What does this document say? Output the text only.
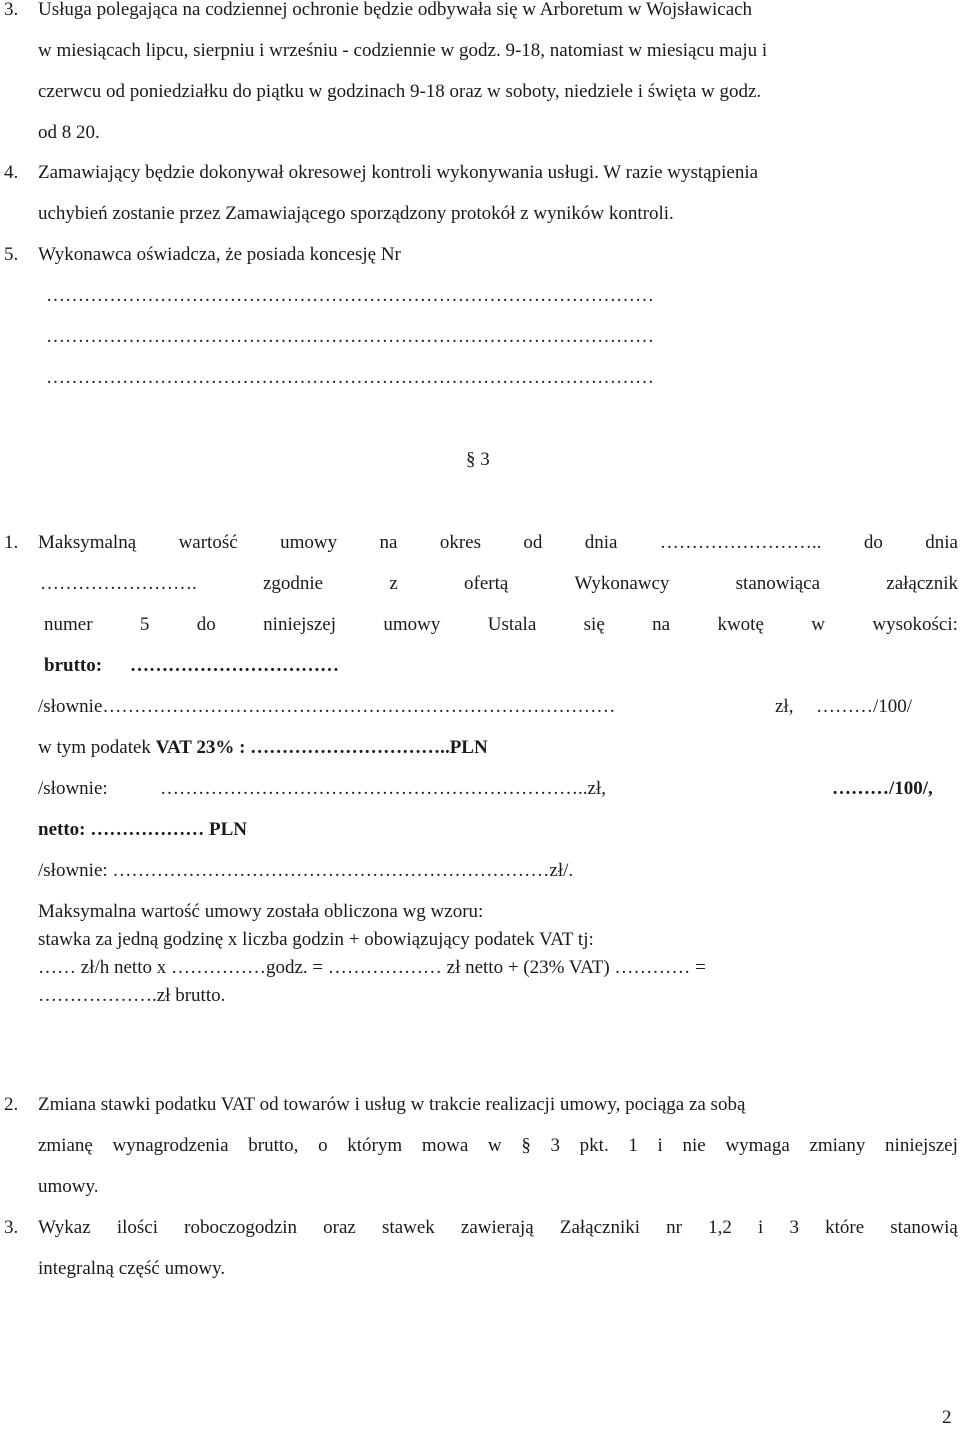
3. Usługa polegająca na codziennej ochronie będzie odbywała się w Arboretum w Wojsławicach
w miesiącach lipcu, sierpniu i wrześniu - codziennie w godz. 9-18, natomiast w miesiącu maju i
czerwcu od poniedziałku do piątku w godzinach 9-18 oraz w soboty, niedziele i święta w godz.
od 8 20.
4. Zamawiający będzie dokonywał okresowej kontroli wykonywania usługi. W razie wystąpienia
uchybień zostanie przez Zamawiającego sporządzony protokół z wyników kontroli.
5. Wykonawca oświadcza, że posiada koncesję Nr
……………………………………………………………………………………
……………………………………………………………………………………
……………………………………………………………………………………
§ 3
1. Maksymalną wartość umowy na okres od dnia …………………….. do dnia
…………………….	zgodnie	z	ofertą	Wykonawcy	stanowiąca	załącznik
numer 5 do niniejszej umowy Ustala się na kwotę w wysokości:
brutto: ……………………………
/słownie………………………………………………………………………	zł, ………/100/
w tym podatek VAT 23% : …………………………..PLN
/słownie:	…………………………………………………………..zł,	………/100/,
netto: ……………… PLN
/słownie: ……………………………………………………………zł/.
Maksymalna wartość umowy została obliczona wg wzoru:
stawka za jedną godzinę x liczba godzin + obowiązujący podatek VAT tj:
…… zł/h netto x ……………godz. = ……………… zł netto + (23% VAT) ………… =
……………….zł brutto.
2. Zmiana stawki podatku VAT od towarów i usług w trakcie realizacji umowy, pociąga za sobą
zmianę wynagrodzenia brutto, o którym mowa w § 3 pkt. 1 i nie wymaga zmiany niniejszej
umowy.
3. Wykaz ilości roboczogodzin oraz stawek zawierają Załączniki nr 1,2 i 3 które stanowią
integralną część umowy.
2
